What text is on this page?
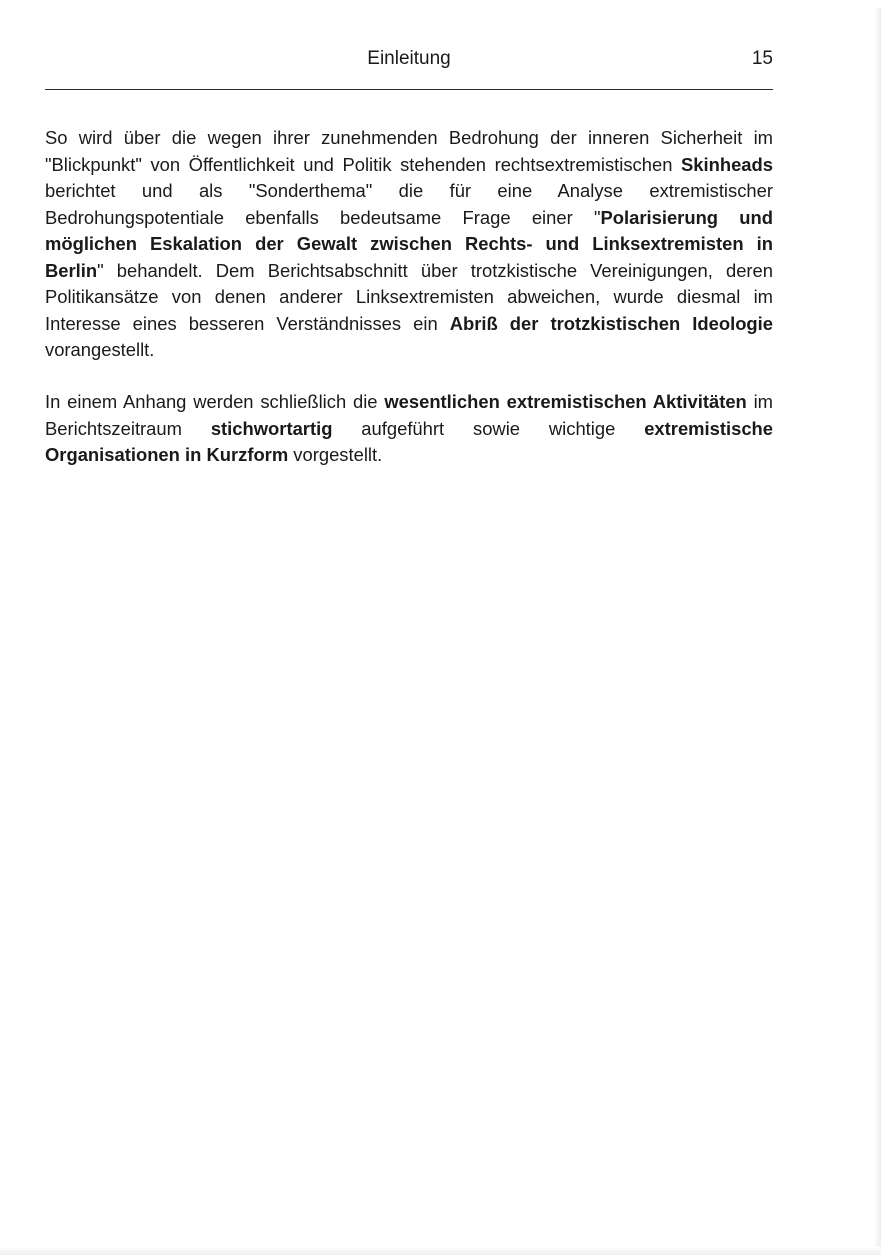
Einleitung	15
So wird über die wegen ihrer zunehmenden Bedrohung der inneren Sicherheit im "Blickpunkt" von Öffentlichkeit und Politik stehenden rechtsextremistischen Skinheads berichtet und als "Sonderthema" die für eine Analyse extremistischer Bedrohungspotentiale ebenfalls bedeutsame Frage einer "Polarisierung und möglichen Eskalation der Gewalt zwischen Rechts- und Linksextremisten in Berlin" behandelt. Dem Berichtsabschnitt über trotzkistische Vereinigungen, deren Politikansätze von denen anderer Linksextremisten abweichen, wurde diesmal im Interesse eines besseren Verständnisses ein Abriß der trotzkistischen Ideologie vorangestellt.
In einem Anhang werden schließlich die wesentlichen extremistischen Aktivitäten im Berichtszeitraum stichwortartig aufgeführt sowie wichtige extremistische Organisationen in Kurzform vorgestellt.
